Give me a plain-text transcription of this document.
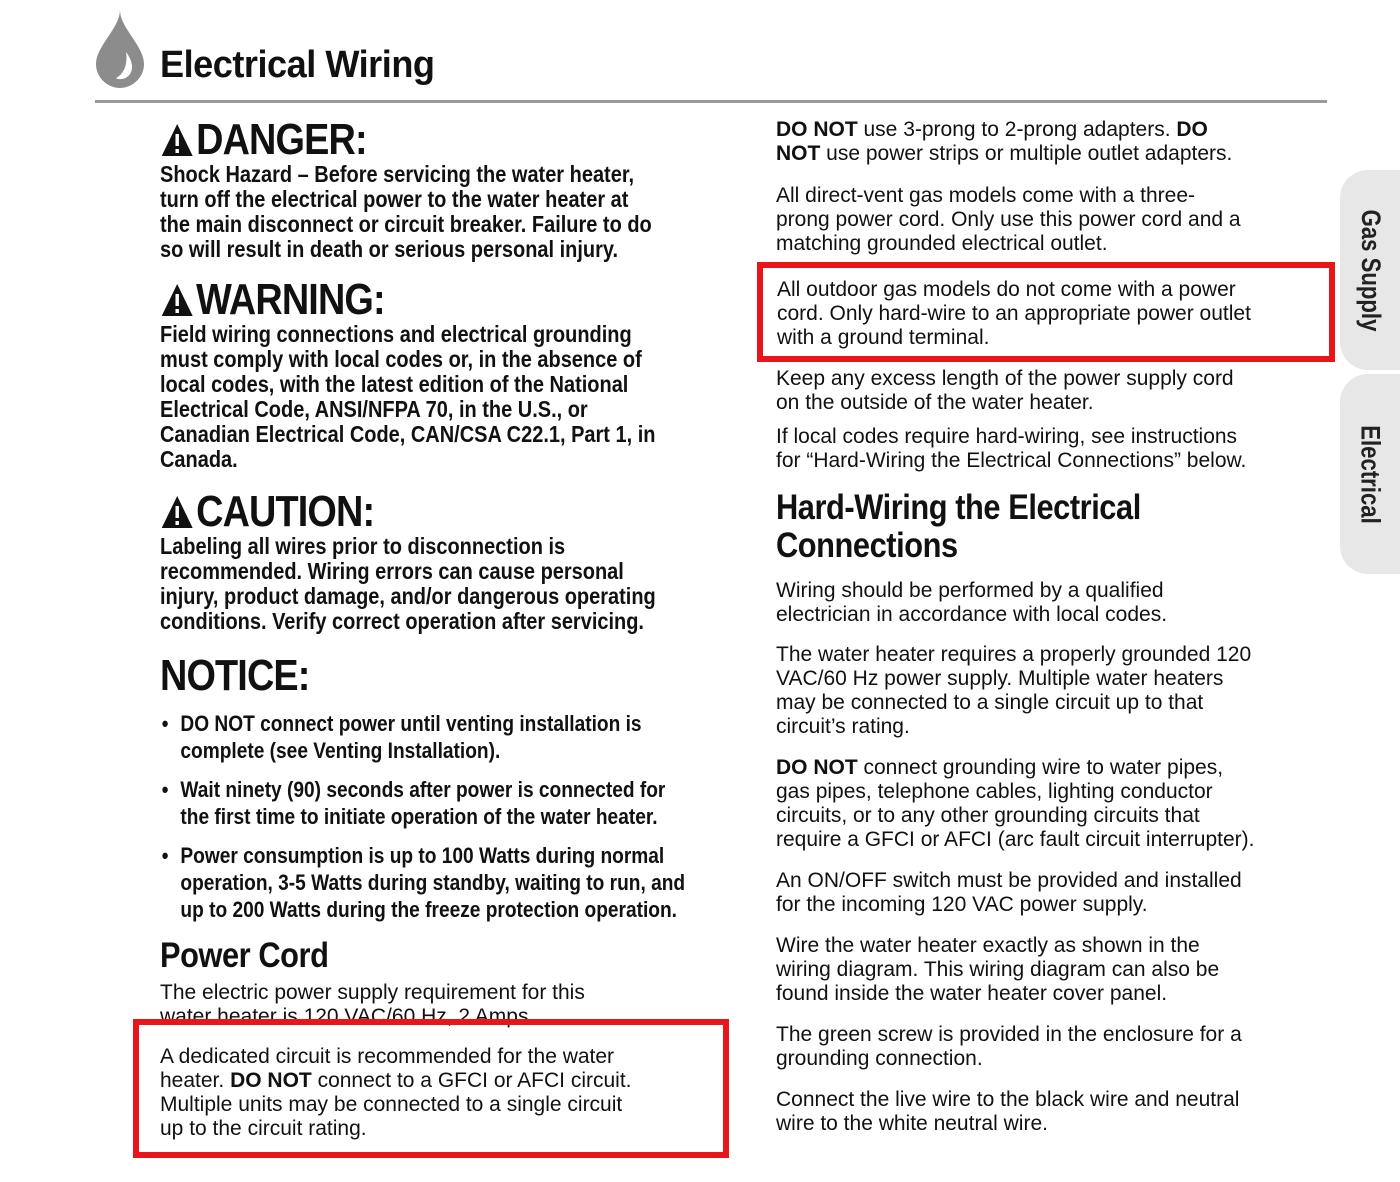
Electrical Wiring
DANGER:

Shock Hazard – Before servicing the water heater,
turn off the electrical power to the water heater at
the main disconnect or circuit breaker. Failure to do
so will result in death or serious personal injury.

WARNING:

Field wiring connections and electrical grounding
must comply with local codes or, in the absence of
local codes, with the latest edition of the National
Electrical Code, ANSI/NFPA 70, in the U.S., or
Canadian Electrical Code, CAN/CSA C22.1, Part 1, in
Canada.

CAUTION:

Labeling all wires prior to disconnection is
recommended. Wiring errors can cause personal
injury, product damage, and/or dangerous operating
conditions. Verify correct operation after servicing.

NOTICE:
• DO NOT connect power until venting installation is
complete (see Venting Installation).
• Wait ninety (90) seconds after power is connected for
the first time to initiate operation of the water heater.
• Power consumption is up to 100 Watts during normal
operation, 3-5 Watts during standby, waiting to run, and
up to 200 Watts during the freeze protection operation.
Power Cord

The electric power supply requirement for this
water heater is 120 VAC/60 Hz, 2 Amps.

A dedicated circuit is recommended for the water
heater. DO NOT connect to a GFCI or AFCI circuit.
Multiple units may be connected to a single circuit
up to the circuit rating.

DO NOT use 3-prong to 2-prong adapters. DO
NOT use power strips or multiple outlet adapters.

All direct-vent gas models come with a three-
prong power cord. Only use this power cord and a
matching grounded electrical outlet.

All outdoor gas models do not come with a power
cord. Only hard-wire to an appropriate power outlet
with a ground terminal.

Keep any excess length of the power supply cord
on the outside of the water heater.

If local codes require hard-wiring, see instructions
for “Hard-Wiring the Electrical Connections” below.

Hard-Wiring the Electrical
Connections

Wiring should be performed by a qualified
electrician in accordance with local codes.

The water heater requires a properly grounded 120
VAC/60 Hz power supply. Multiple water heaters
may be connected to a single circuit up to that
circuit’s rating.

DO NOT connect grounding wire to water pipes,
gas pipes, telephone cables, lighting conductor
circuits, or to any other grounding circuits that
require a GFCI or AFCI (arc fault circuit interrupter).

An ON/OFF switch must be provided and installed
for the incoming 120 VAC power supply.

Wire the water heater exactly as shown in the
wiring diagram. This wiring diagram can also be
found inside the water heater cover panel.

The green screw is provided in the enclosure for a
grounding connection.

Connect the live wire to the black wire and neutral
wire to the white neutral wire.

Gas Supply
Electrical
